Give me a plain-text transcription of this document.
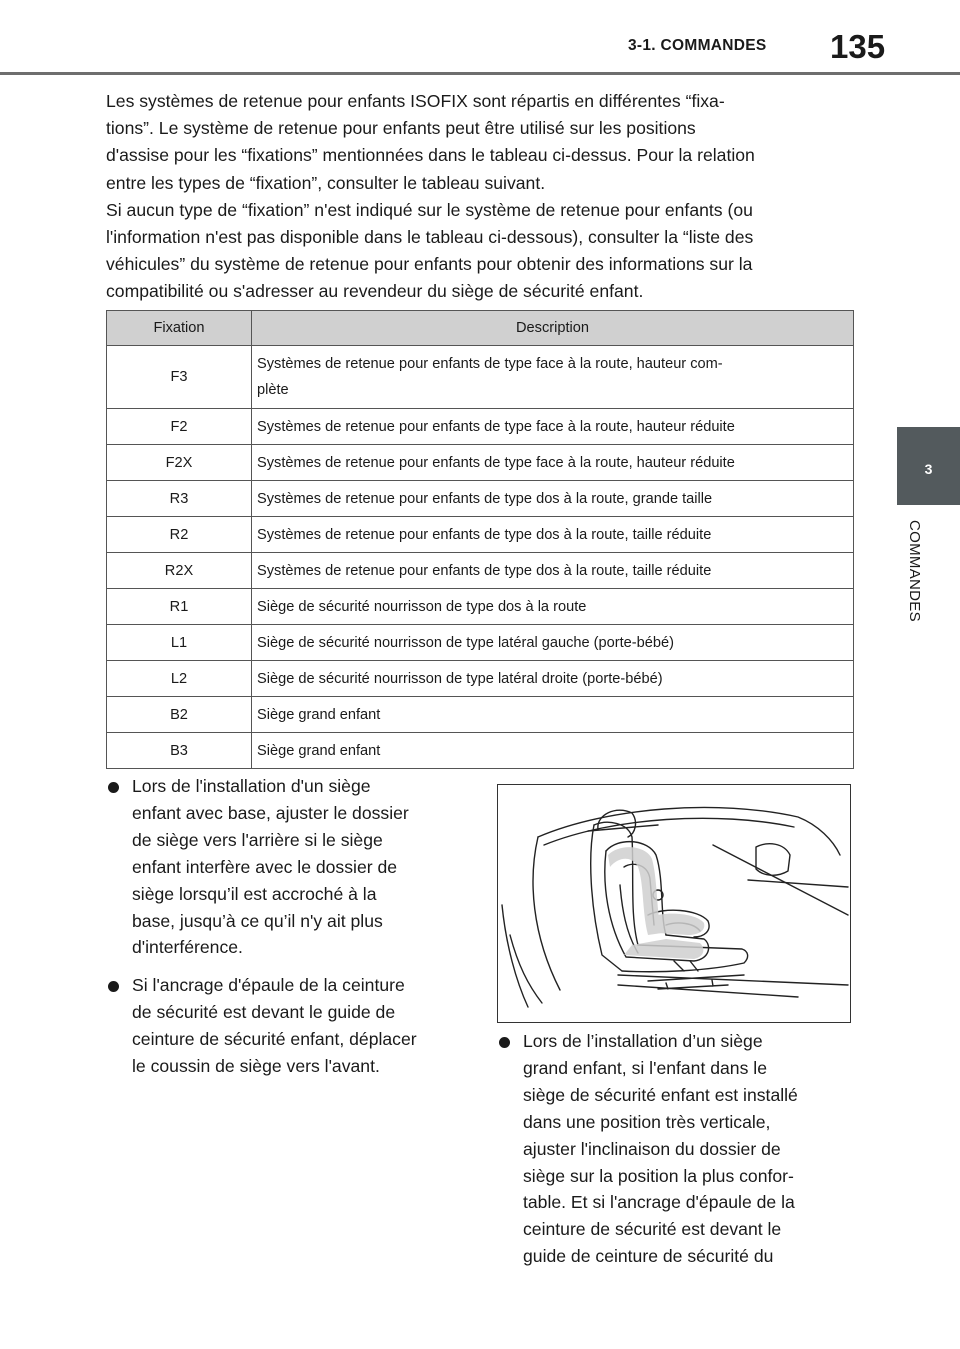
3-1. COMMANDES 135
3
COMMANDES

Les systèmes de retenue pour enfants ISOFIX sont répartis en différentes “fixa-
tions”. Le système de retenue pour enfants peut être utilisé sur les positions
d'assise pour les “fixations” mentionnées dans le tableau ci-dessus. Pour la relation
entre les types de “fixation”, consulter le tableau suivant.
Si aucun type de “fixation” n'est indiqué sur le système de retenue pour enfants (ou
l'information n'est pas disponible dans le tableau ci-dessous), consulter la “liste des
véhicules” du système de retenue pour enfants pour obtenir des informations sur la
compatibilité ou s'adresser au revendeur du siège de sécurité enfant.

Fixation	Description
F3	Systèmes de retenue pour enfants de type face à la route, hauteur com-
plète
F2	Systèmes de retenue pour enfants de type face à la route, hauteur réduite
F2X	Systèmes de retenue pour enfants de type face à la route, hauteur réduite
R3	Systèmes de retenue pour enfants de type dos à la route, grande taille
R2	Systèmes de retenue pour enfants de type dos à la route, taille réduite
R2X	Systèmes de retenue pour enfants de type dos à la route, taille réduite
R1	Siège de sécurité nourrisson de type dos à la route
L1	Siège de sécurité nourrisson de type latéral gauche (porte-bébé)
L2	Siège de sécurité nourrisson de type latéral droite (porte-bébé)
B2	Siège grand enfant
B3	Siège grand enfant
Lors de l'installation d'un siège
enfant avec base, ajuster le dossier
de siège vers l'arrière si le siège
enfant interfère avec le dossier de
siège lorsqu’il est accroché à la
base, jusqu’à ce qu’il n'y ait plus
d'interférence.
Si l'ancrage d'épaule de la ceinture
de sécurité est devant le guide de
ceinture de sécurité enfant, déplacer
le coussin de siège vers l'avant.
Lors de l’installation d’un siège
grand enfant, si l'enfant dans le
siège de sécurité enfant est installé
dans une position très verticale,
ajuster l'inclinaison du dossier de
siège sur la position la plus confor-
table. Et si l'ancrage d'épaule de la
ceinture de sécurité est devant le
guide de ceinture de sécurité du
